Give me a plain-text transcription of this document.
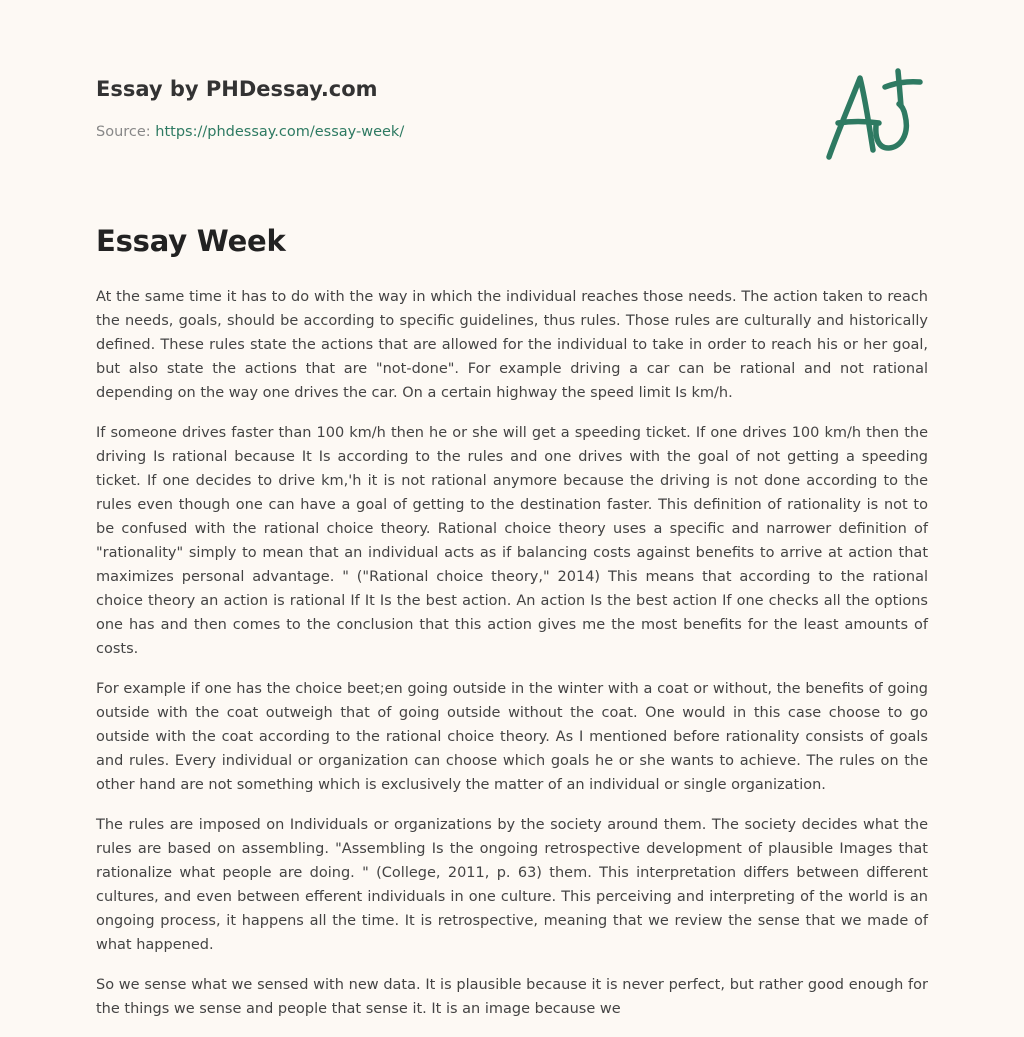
Essay by PHDessay.com
Source: https://phdessay.com/essay-week/
Essay Week

At the same time it has to do with the way in which the individual reaches those needs. The action taken to reach the needs, goals, should be according to specific guidelines, thus rules. Those rules are culturally and historically defined. These rules state the actions that are allowed for the individual to take in order to reach his or her goal, but also state the actions that are "not-done". For example driving a car can be rational and not rational depending on the way one drives the car. On a certain highway the speed limit Is km/h.

If someone drives faster than 100 km/h then he or she will get a speeding ticket. If one drives 100 km/h then the driving Is rational because It Is according to the rules and one drives with the goal of not getting a speeding ticket. If one decides to drive km,'h it is not rational anymore because the driving is not done according to the rules even though one can have a goal of getting to the destination faster. This definition of rationality is not to be confused with the rational choice theory. Rational choice theory uses a specific and narrower definition of "rationality" simply to mean that an individual acts as if balancing costs against benefits to arrive at action that maximizes personal advantage. " ("Rational choice theory," 2014) This means that according to the rational choice theory an action is rational If It Is the best action. An action Is the best action If one checks all the options one has and then comes to the conclusion that this action gives me the most benefits for the least amounts of costs.

For example if one has the choice beet;en going outside in the winter with a coat or without, the benefits of going outside with the coat outweigh that of going outside without the coat. One would in this case choose to go outside with the coat according to the rational choice theory. As I mentioned before rationality consists of goals and rules. Every individual or organization can choose which goals he or she wants to achieve. The rules on the other hand are not something which is exclusively the matter of an individual or single organization.

The rules are imposed on Individuals or organizations by the society around them. The society decides what the rules are based on assembling. "Assembling Is the ongoing retrospective development of plausible Images that rationalize what people are doing. " (College, 2011, p. 63) them. This interpretation differs between different cultures, and even between efferent individuals in one culture. This perceiving and interpreting of the world is an ongoing process, it happens all the time. It is retrospective, meaning that we review the sense that we made of what happened.

So we sense what we sensed with new data. It is plausible because it is never perfect, but rather good enough for the things we sense and people that sense it. It is an image because we
